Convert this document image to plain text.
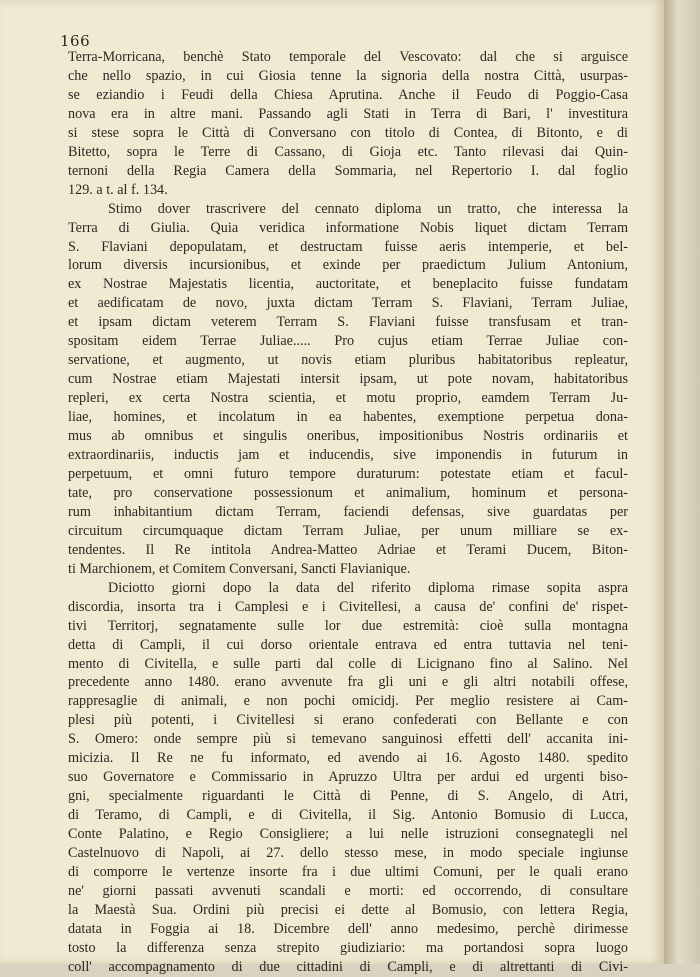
166
Terra-Morricana, benchè Stato temporale del Vescovato: dal che si arguisce
che nello spazio, in cui Giosia tenne la signoria della nostra Città, usurpas-
se eziandio i Feudi della Chiesa Aprutina. Anche il Feudo di Poggio-Casa
nova era in altre mani. Passando agli Stati in Terra di Bari, l' investitura
si stese sopra le Città di Conversano con titolo di Contea, di Bitonto, e di
Bitetto, sopra le Terre di Cassano, di Gioja etc. Tanto rilevasi dai Quin-
ternoni della Regia Camera della Sommaria, nel Repertorio I. dal foglio
129. a t. al f. 134.
Stimo dover trascrivere del cennato diploma un tratto, che interessa la
Terra di Giulia. Quia veridica informatione Nobis liquet dictam Terram
S. Flaviani depopulatam, et destructam fuisse aeris intemperie, et bel-
lorum diversis incursionibus, et exinde per praedictum Julium Antonium,
ex Nostrae Majestatis licentia, auctoritate, et beneplacito fuisse fundatam
et aedificatam de novo, juxta dictam Terram S. Flaviani, Terram Juliae,
et ipsam dictam veterem Terram S. Flaviani fuisse transfusam et tran-
spositam eidem Terrae Juliae..... Pro cujus etiam Terrae Juliae con-
servatione, et augmento, ut novis etiam pluribus habitatoribus repleatur,
cum Nostrae etiam Majestati intersit ipsam, ut pote novam, habitatoribus
repleri, ex certa Nostra scientia, et motu proprio, eamdem Terram Ju-
liae, homines, et incolatum in ea habentes, exemptione perpetua dona-
mus ab omnibus et singulis oneribus, impositionibus Nostris ordinariis et
extraordinariis, inductis jam et inducendis, sive imponendis in futurum in
perpetuum, et omni futuro tempore duraturum: potestate etiam et facul-
tate, pro conservatione possessionum et animalium, hominum et persona-
rum inhabitantium dictam Terram, faciendi defensas, sive guardatas per
circuitum circumquaque dictam Terram Juliae, per unum milliare se ex-
tendentes. Il Re intitola Andrea-Matteo Adriae et Terami Ducem, Biton-
ti Marchionem, et Comitem Conversani, Sancti Flavianique.
Diciotto giorni dopo la data del riferito diploma rimase sopita aspra
discordia, insorta tra i Camplesi e i Civitellesi, a causa de' confini de' rispet-
tivi Territorj, segnatamente sulle lor due estremità: cioè sulla montagna
detta di Campli, il cui dorso orientale entrava ed entra tuttavia nel teni-
mento di Civitella, e sulle parti dal colle di Licignano fino al Salino. Nel
precedente anno 1480. erano avvenute fra gli uni e gli altri notabili offese,
rappresaglie di animali, e non pochi omicidj. Per meglio resistere ai Cam-
plesi più potenti, i Civitellesi si erano confederati con Bellante e con
S. Omero: onde sempre più si temevano sanguinosi effetti dell' accanita ini-
micizia. Il Re ne fu informato, ed avendo ai 16. Agosto 1480. spedito
suo Governatore e Commissario in Apruzzo Ultra per ardui ed urgenti biso-
gni, specialmente riguardanti le Città di Penne, di S. Angelo, di Atri,
di Teramo, di Campli, e di Civitella, il Sig. Antonio Bomusio di Lucca,
Conte Palatino, e Regio Consigliere; a lui nelle istruzioni consegnategli nel
Castelnuovo di Napoli, ai 27. dello stesso mese, in modo speciale ingiunse
di comporre le vertenze insorte fra i due ultimi Comuni, per le quali erano
ne' giorni passati avvenuti scandali e morti: ed occorrendo, di consultare
la Maestà Sua. Ordini più precisi ei dette al Bomusio, con lettera Regia,
datata in Foggia ai 18. Dicembre dell' anno medesimo, perchè dirimesse
tosto la differenza senza strepito giudiziario: ma portandosi sopra luogo
coll' accompagnamento di due cittadini di Campli, e di altrettanti di Civi-
